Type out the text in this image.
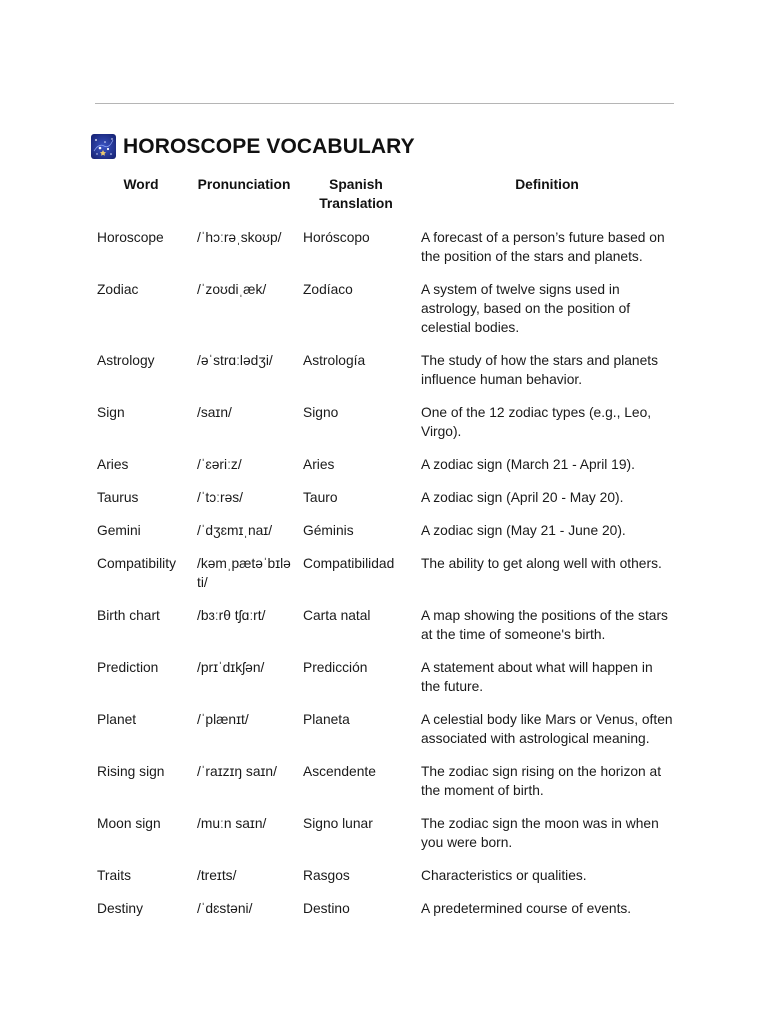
HOROSCOPE VOCABULARY
Word	Pronunciation	Spanish Translation	Definition
Horoscope	/ˈhɔːrəˌskoʊp/	Horóscopo	A forecast of a person’s future based on the position of the stars and planets.
Zodiac	/ˈzoʊdiˌæk/	Zodíaco	A system of twelve signs used in astrology, based on the position of celestial bodies.
Astrology	/əˈstrɑːlədʒi/	Astrología	The study of how the stars and planets influence human behavior.
Sign	/saɪn/	Signo	One of the 12 zodiac types (e.g., Leo, Virgo).
Aries	/ˈɛəriːz/	Aries	A zodiac sign (March 21 - April 19).
Taurus	/ˈtɔːrəs/	Tauro	A zodiac sign (April 20 - May 20).
Gemini	/ˈdʒɛmɪˌnaɪ/	Géminis	A zodiac sign (May 21 - June 20).
Compatibility	/kəmˌpætəˈbɪləti/	Compatibilidad	The ability to get along well with others.
Birth chart	/bɜːrθ tʃɑːrt/	Carta natal	A map showing the positions of the stars at the time of someone's birth.
Prediction	/prɪˈdɪkʃən/	Predicción	A statement about what will happen in the future.
Planet	/ˈplænɪt/	Planeta	A celestial body like Mars or Venus, often associated with astrological meaning.
Rising sign	/ˈraɪzɪŋ saɪn/	Ascendente	The zodiac sign rising on the horizon at the moment of birth.
Moon sign	/muːn saɪn/	Signo lunar	The zodiac sign the moon was in when you were born.
Traits	/treɪts/	Rasgos	Characteristics or qualities.
Destiny	/ˈdɛstəni/	Destino	A predetermined course of events.
